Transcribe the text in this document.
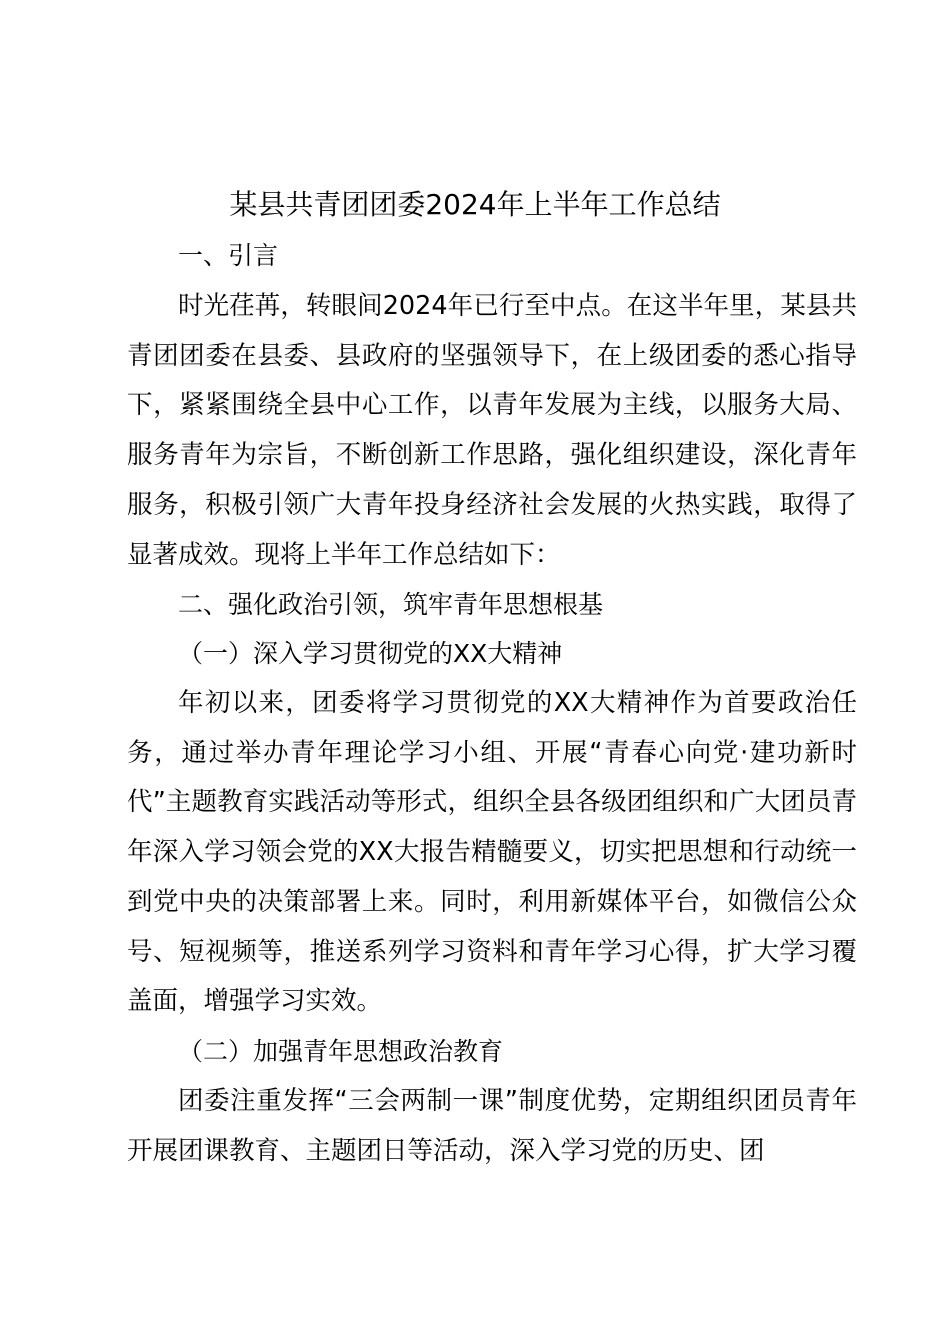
某县共青团团委2024年上半年工作总结
一、引言

时光荏苒，转眼间2024年已行至中点。在这半年里，某县共青团团委在县委、县政府的坚强领导下，在上级团委的悉心指导下，紧紧围绕全县中心工作，以青年发展为主线，以服务大局、服务青年为宗旨，不断创新工作思路，强化组织建设，深化青年服务，积极引领广大青年投身经济社会发展的火热实践，取得了显著成效。现将上半年工作总结如下：

二、强化政治引领，筑牢青年思想根基
（一）深入学习贯彻党的XX大精神

年初以来，团委将学习贯彻党的XX大精神作为首要政治任务，通过举办青年理论学习小组、开展“青春心向党·建功新时代”主题教育实践活动等形式，组织全县各级团组织和广大团员青年深入学习领会党的XX大报告精髓要义，切实把思想和行动统一到党中央的决策部署上来。同时，利用新媒体平台，如微信公众号、短视频等，推送系列学习资料和青年学习心得，扩大学习覆盖面，增强学习实效。

（二）加强青年思想政治教育

团委注重发挥“三会两制一课”制度优势，定期组织团员青年开展团课教育、主题团日等活动，深入学习党的历史、团
